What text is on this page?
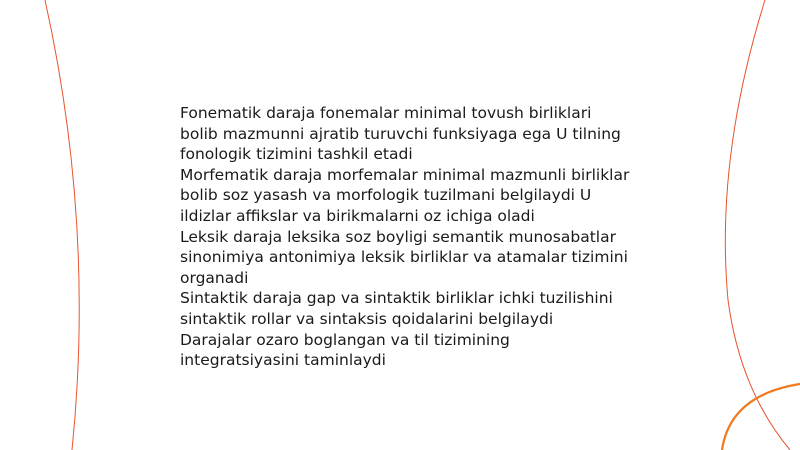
Fonematik daraja fonemalar minimal tovush birliklari bolib mazmunni ajratib turuvchi funksiyaga ega U tilning fonologik tizimini tashkil etadi

Morfematik daraja morfemalar minimal mazmunli birliklar bolib soz yasash va morfologik tuzilmani belgilaydi U ildizlar affikslar va birikmalarni oz ichiga oladi

Leksik daraja leksika soz boyligi semantik munosabatlar sinonimiya antonimiya leksik birliklar va atamalar tizimini organadi

Sintaktik daraja gap va sintaktik birliklar ichki tuzilishini sintaktik rollar va sintaksis qoidalarini belgilaydi

Darajalar ozaro boglangan va til tizimining integratsiyasini taminlaydi
